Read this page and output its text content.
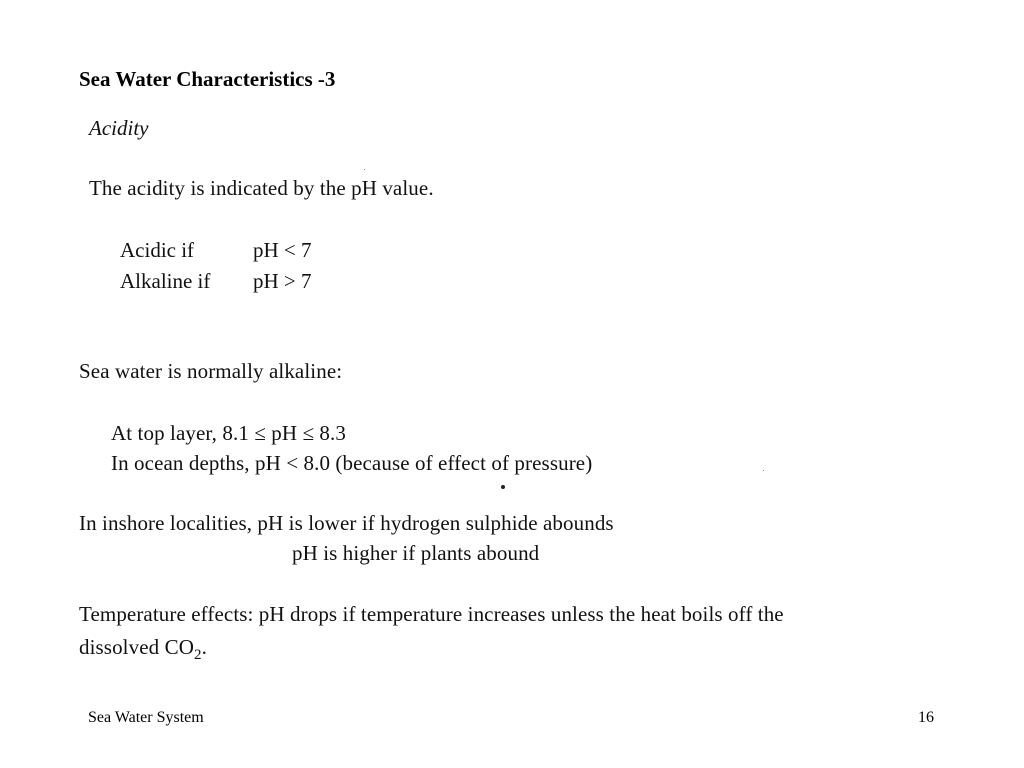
Sea Water Characteristics -3
Acidity
The acidity is indicated by the pH value.
Acidic if	pH < 7
Alkaline if pH > 7
Sea water is normally alkaline:
At top layer, 8.1 ≤ pH ≤ 8.3
In ocean depths, pH < 8.0 (because of effect of pressure)
In inshore localities, pH is lower if hydrogen sulphide abounds
pH is higher if plants abound
Temperature effects: pH drops if temperature increases unless the heat boils off the
dissolved $CO_2$.
Sea Water System	16
